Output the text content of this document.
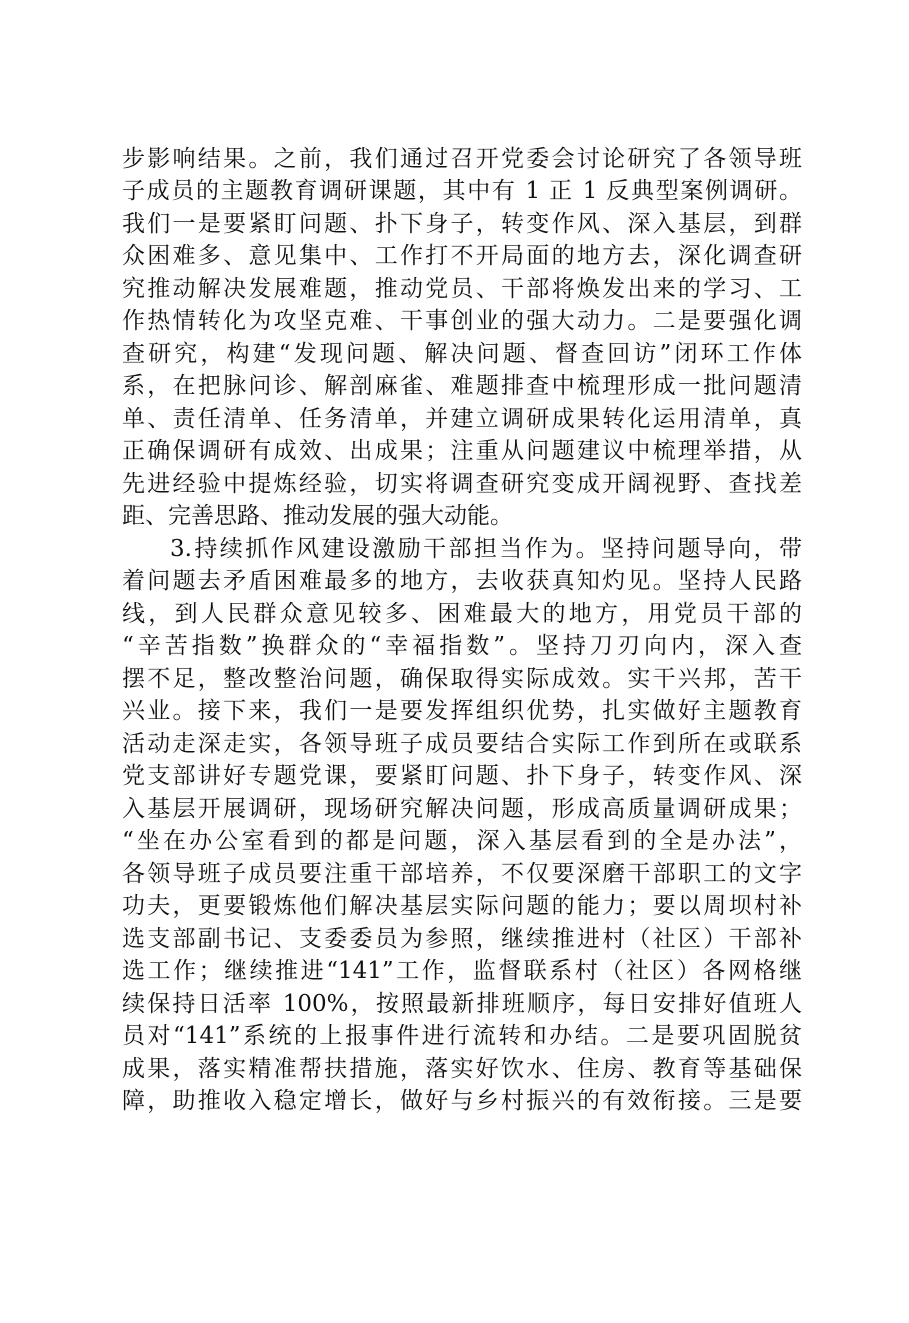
步影响结果。之前，我们通过召开党委会讨论研究了各领导班
子成员的主题教育调研课题，其中有 1 正 1 反典型案例调研。
我们一是要紧盯问题、扑下身子，转变作风、深入基层，到群
众困难多、意见集中、工作打不开局面的地方去，深化调查研
究推动解决发展难题，推动党员、干部将焕发出来的学习、工
作热情转化为攻坚克难、干事创业的强大动力。二是要强化调
查研究，构建“发现问题、解决问题、督查回访”闭环工作体
系，在把脉问诊、解剖麻雀、难题排查中梳理形成一批问题清
单、责任清单、任务清单，并建立调研成果转化运用清单，真
正确保调研有成效、出成果；注重从问题建议中梳理举措，从
先进经验中提炼经验，切实将调查研究变成开阔视野、查找差
距、完善思路、推动发展的强大动能。
3.持续抓作风建设激励干部担当作为。坚持问题导向，带
着问题去矛盾困难最多的地方，去收获真知灼见。坚持人民路
线，到人民群众意见较多、困难最大的地方，用党员干部的
“辛苦指数”换群众的“幸福指数”。坚持刀刃向内，深入查
摆不足，整改整治问题，确保取得实际成效。实干兴邦，苦干
兴业。接下来，我们一是要发挥组织优势，扎实做好主题教育
活动走深走实，各领导班子成员要结合实际工作到所在或联系
党支部讲好专题党课，要紧盯问题、扑下身子，转变作风、深
入基层开展调研，现场研究解决问题，形成高质量调研成果；
“坐在办公室看到的都是问题，深入基层看到的全是办法”，
各领导班子成员要注重干部培养，不仅要深磨干部职工的文字
功夫，更要锻炼他们解决基层实际问题的能力；要以周坝村补
选支部副书记、支委委员为参照，继续推进村（社区）干部补
选工作；继续推进“141”工作，监督联系村（社区）各网格继
续保持日活率 100%，按照最新排班顺序，每日安排好值班人
员对“141”系统的上报事件进行流转和办结。二是要巩固脱贫
成果，落实精准帮扶措施，落实好饮水、住房、教育等基础保
障，助推收入稳定增长，做好与乡村振兴的有效衔接。三是要
